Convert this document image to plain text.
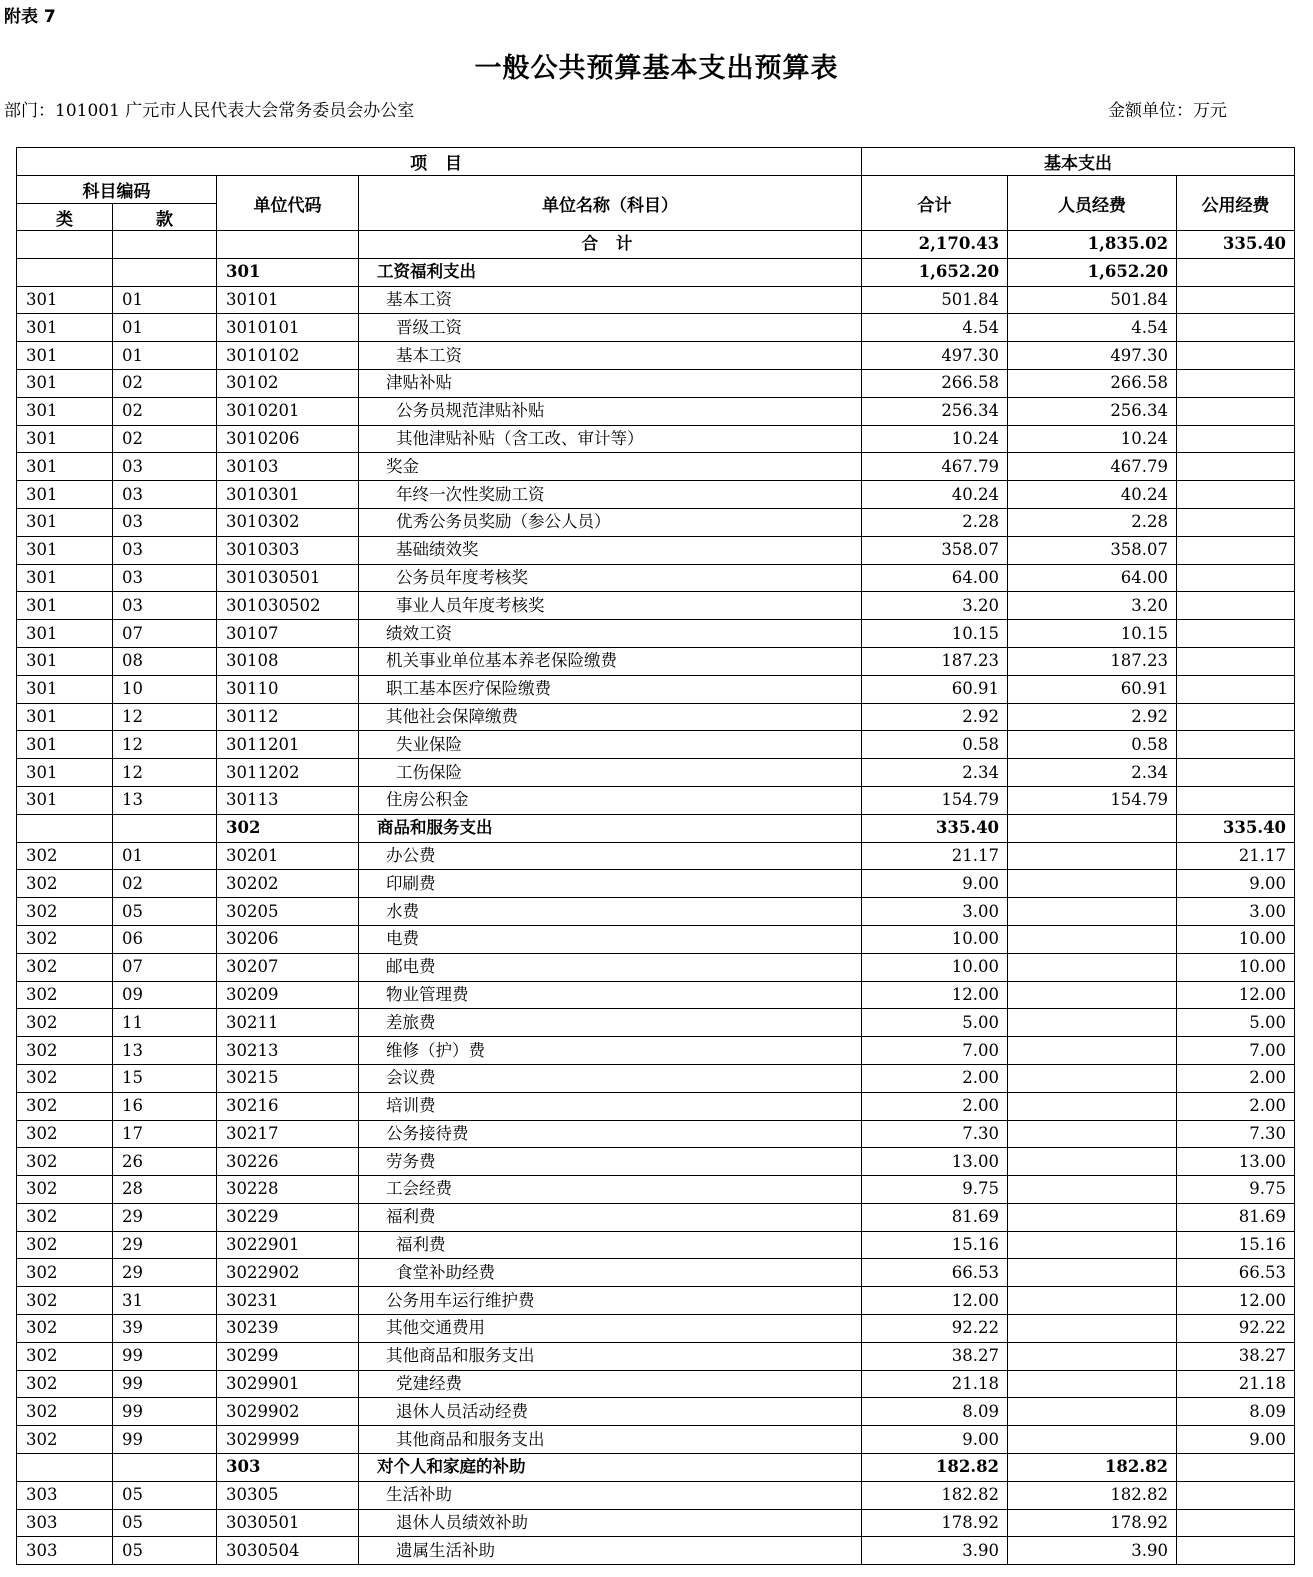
附表 7
一般公共预算基本支出预算表
部门：101001 广元市人民代表大会常务委员会办公室	金额单位：万元
项 目				基本支出		
科目编码		单位代码	单位名称（科目）	合计	人员经费	公用经费
类	款					
			合 计	2,170.43	1,835.02	335.40
		301	工资福利支出	1,652.20	1,652.20	
301	01	30101	基本工资	501.84	501.84	
301	01	3010101	晋级工资	4.54	4.54	
301	01	3010102	基本工资	497.30	497.30	
301	02	30102	津贴补贴	266.58	266.58	
301	02	3010201	公务员规范津贴补贴	256.34	256.34	
301	02	3010206	其他津贴补贴（含工改、审计等）	10.24	10.24	
301	03	30103	奖金	467.79	467.79	
301	03	3010301	年终一次性奖励工资	40.24	40.24	
301	03	3010302	优秀公务员奖励（参公人员）	2.28	2.28	
301	03	3010303	基础绩效奖	358.07	358.07	
301	03	301030501	公务员年度考核奖	64.00	64.00	
301	03	301030502	事业人员年度考核奖	3.20	3.20	
301	07	30107	绩效工资	10.15	10.15	
301	08	30108	机关事业单位基本养老保险缴费	187.23	187.23	
301	10	30110	职工基本医疗保险缴费	60.91	60.91	
301	12	30112	其他社会保障缴费	2.92	2.92	
301	12	3011201	失业保险	0.58	0.58	
301	12	3011202	工伤保险	2.34	2.34	
301	13	30113	住房公积金	154.79	154.79	
		302	商品和服务支出	335.40		335.40
302	01	30201	办公费	21.17		21.17
302	02	30202	印刷费	9.00		9.00
302	05	30205	水费	3.00		3.00
302	06	30206	电费	10.00		10.00
302	07	30207	邮电费	10.00		10.00
302	09	30209	物业管理费	12.00		12.00
302	11	30211	差旅费	5.00		5.00
302	13	30213	维修（护）费	7.00		7.00
302	15	30215	会议费	2.00		2.00
302	16	30216	培训费	2.00		2.00
302	17	30217	公务接待费	7.30		7.30
302	26	30226	劳务费	13.00		13.00
302	28	30228	工会经费	9.75		9.75
302	29	30229	福利费	81.69		81.69
302	29	3022901	福利费	15.16		15.16
302	29	3022902	食堂补助经费	66.53		66.53
302	31	30231	公务用车运行维护费	12.00		12.00
302	39	30239	其他交通费用	92.22		92.22
302	99	30299	其他商品和服务支出	38.27		38.27
302	99	3029901	党建经费	21.18		21.18
302	99	3029902	退休人员活动经费	8.09		8.09
302	99	3029999	其他商品和服务支出	9.00		9.00
		303	对个人和家庭的补助	182.82	182.82	
303	05	30305	生活补助	182.82	182.82	
303	05	3030501	退休人员绩效补助	178.92	178.92	
303	05	3030504	遗属生活补助	3.90	3.90	
